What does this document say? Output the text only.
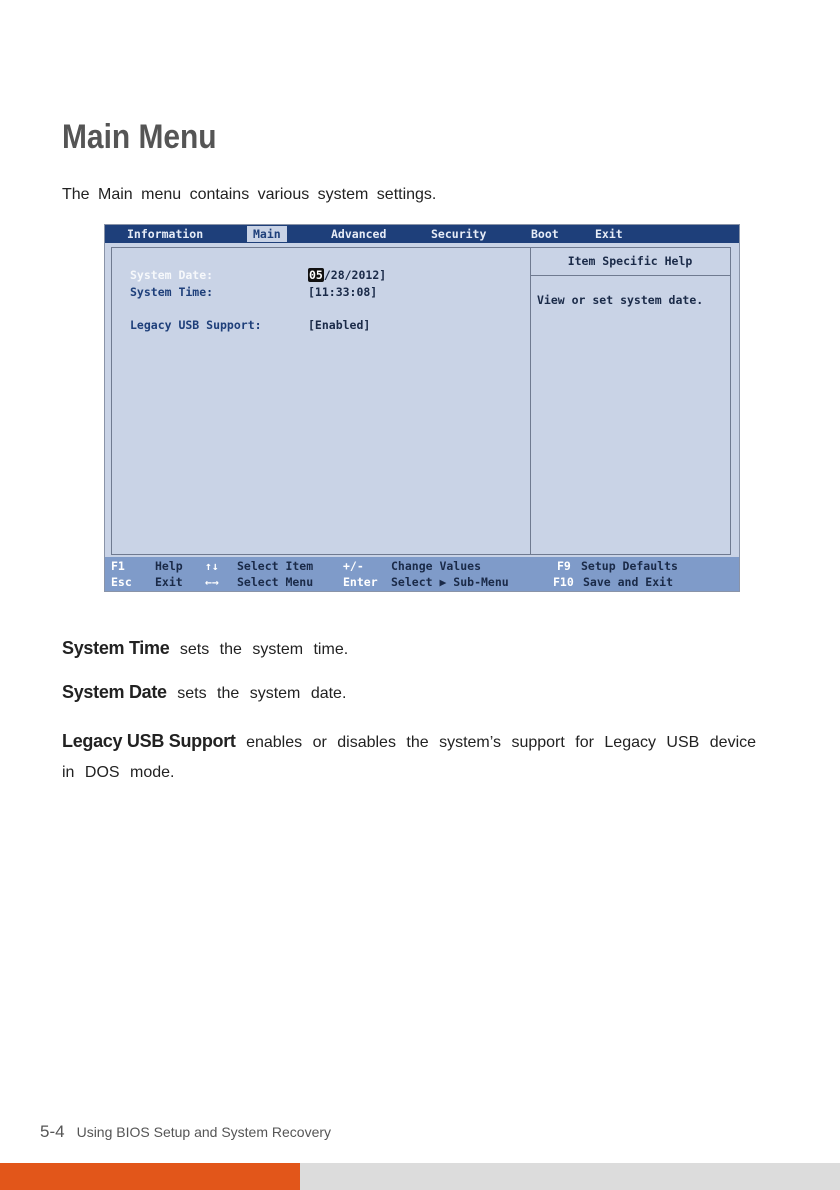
Main Menu
The Main menu contains various system settings.
Information	Main	Advanced	Security	Boot	Exit
System Date:	05/28/2012]
System Time:	[11:33:08]
Legacy USB Support:	[Enabled]
Item Specific Help
View or set system date.
F1	Help ↑↓ Select Item	+/- Change Values	F9 Setup Defaults
Esc Exit ←→ Select Menu	Enter Select ▶ Sub-Menu	F10 Save and Exit
System Time sets the system time.
System Date sets the system date.
Legacy USB Support enables or disables the system’s support for Legacy USB device in DOS mode.
5-4 Using BIOS Setup and System Recovery
